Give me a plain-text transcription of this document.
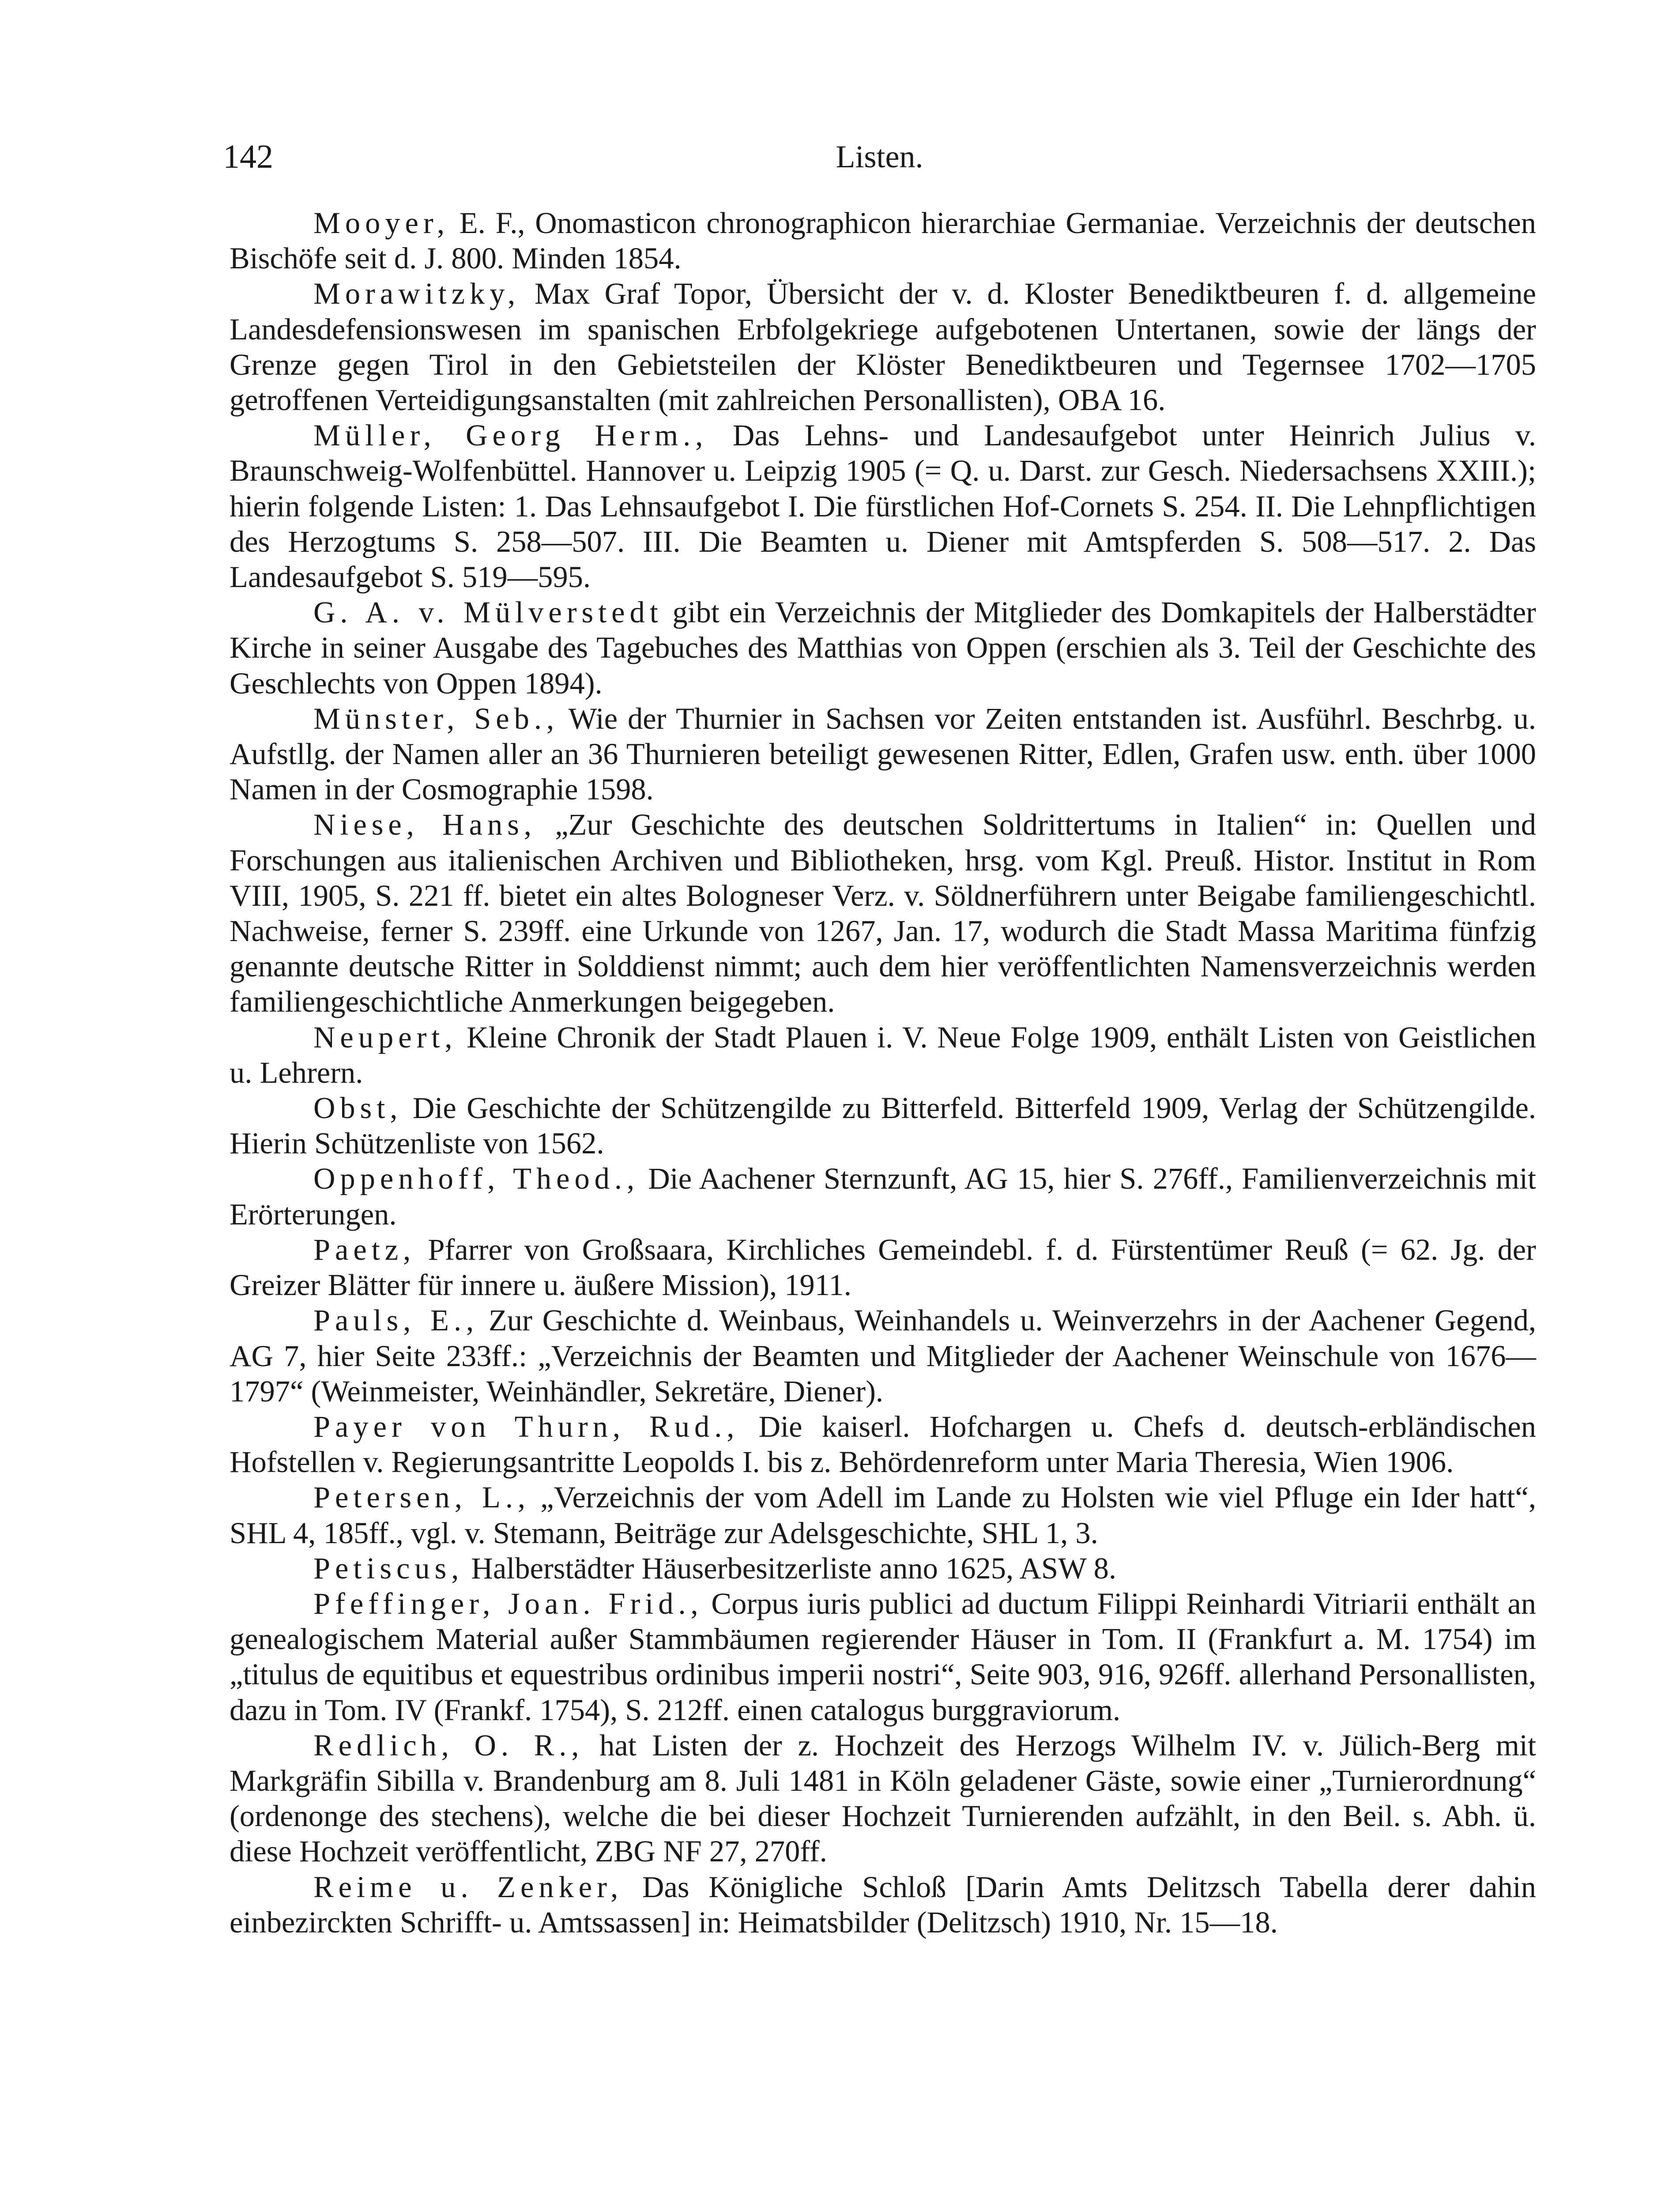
142	Listen.
Mooyer, E. F., Onomasticon chronographicon hierarchiae Germaniae. Verzeichnis der deutschen Bischöfe seit d. J. 800. Minden 1854.
Morawitzky, Max Graf Topor, Übersicht der v. d. Kloster Benediktbeuren f. d. allgemeine Landesdefensionswesen im spanischen Erbfolgekriege aufgebotenen Untertanen, sowie der längs der Grenze gegen Tirol in den Gebietsteilen der Klöster Benediktbeuren und Tegernsee 1702—1705 getroffenen Verteidigungsanstalten (mit zahlreichen Personallisten), OBA 16.
Müller, Georg Herm., Das Lehns- und Landesaufgebot unter Heinrich Julius v. Braunschweig-Wolfenbüttel. Hannover u. Leipzig 1905 (= Q. u. Darst. zur Gesch. Niedersachsens XXIII.); hierin folgende Listen: 1. Das Lehnsaufgebot I. Die fürstlichen Hof-Cornets S. 254. II. Die Lehnpflichtigen des Herzogtums S. 258—507. III. Die Beamten u. Diener mit Amtspferden S. 508—517. 2. Das Landesaufgebot S. 519—595.
G. A. v. Mülverstedt gibt ein Verzeichnis der Mitglieder des Domkapitels der Halberstädter Kirche in seiner Ausgabe des Tagebuches des Matthias von Oppen (erschien als 3. Teil der Geschichte des Geschlechts von Oppen 1894).
Münster, Seb., Wie der Thurnier in Sachsen vor Zeiten entstanden ist. Ausführl. Beschrbg. u. Aufstllg. der Namen aller an 36 Thurnieren beteiligt gewesenen Ritter, Edlen, Grafen usw. enth. über 1000 Namen in der Cosmographie 1598.
Niese, Hans, „Zur Geschichte des deutschen Soldrittertums in Italien“ in: Quellen und Forschungen aus italienischen Archiven und Bibliotheken, hrsg. vom Kgl. Preuß. Histor. Institut in Rom VIII, 1905, S. 221 ff. bietet ein altes Bologneser Verz. v. Söldnerführern unter Beigabe familiengeschichtl. Nachweise, ferner S. 239ff. eine Urkunde von 1267, Jan. 17, wodurch die Stadt Massa Maritima fünfzig genannte deutsche Ritter in Solddienst nimmt; auch dem hier veröffentlichten Namensverzeichnis werden familiengeschichtliche Anmerkungen beigegeben.
Neupert, Kleine Chronik der Stadt Plauen i. V. Neue Folge 1909, enthält Listen von Geistlichen u. Lehrern.
Obst, Die Geschichte der Schützengilde zu Bitterfeld. Bitterfeld 1909, Verlag der Schützengilde. Hierin Schützenliste von 1562.
Oppenhoff, Theod., Die Aachener Sternzunft, AG 15, hier S. 276ff., Familienverzeichnis mit Erörterungen.
Paetz, Pfarrer von Großsaara, Kirchliches Gemeindebl. f. d. Fürstentümer Reuß (= 62. Jg. der Greizer Blätter für innere u. äußere Mission), 1911.
Pauls, E., Zur Geschichte d. Weinbaus, Weinhandels u. Weinverzehrs in der Aachener Gegend, AG 7, hier Seite 233ff.: „Verzeichnis der Beamten und Mitglieder der Aachener Weinschule von 1676—1797“ (Weinmeister, Weinhändler, Sekretäre, Diener).
Payer von Thurn, Rud., Die kaiserl. Hofchargen u. Chefs d. deutsch-erbländischen Hofstellen v. Regierungsantritte Leopolds I. bis z. Behördenreform unter Maria Theresia, Wien 1906.
Petersen, L., „Verzeichnis der vom Adell im Lande zu Holsten wie viel Pfluge ein Ider hatt“, SHL 4, 185ff., vgl. v. Stemann, Beiträge zur Adelsgeschichte, SHL 1, 3.
Petiscus, Halberstädter Häuserbesitzerliste anno 1625, ASW 8.
Pfeffinger, Joan. Frid., Corpus iuris publici ad ductum Filippi Reinhardi Vitriarii enthält an genealogischem Material außer Stammbäumen regierender Häuser in Tom. II (Frankfurt a. M. 1754) im „titulus de equitibus et equestribus ordinibus imperii nostri“, Seite 903, 916, 926ff. allerhand Personallisten, dazu in Tom. IV (Frankf. 1754), S. 212ff. einen catalogus burggraviorum.
Redlich, O. R., hat Listen der z. Hochzeit des Herzogs Wilhelm IV. v. Jülich-Berg mit Markgräfin Sibilla v. Brandenburg am 8. Juli 1481 in Köln geladener Gäste, sowie einer „Turnierordnung“ (ordenonge des stechens), welche die bei dieser Hochzeit Turnierenden aufzählt, in den Beil. s. Abh. ü. diese Hochzeit veröffentlicht, ZBG NF 27, 270ff.
Reime u. Zenker, Das Königliche Schloß [Darin Amts Delitzsch Tabella derer dahin einbezirckten Schrifft- u. Amtssassen] in: Heimatsbilder (Delitzsch) 1910, Nr. 15—18.
